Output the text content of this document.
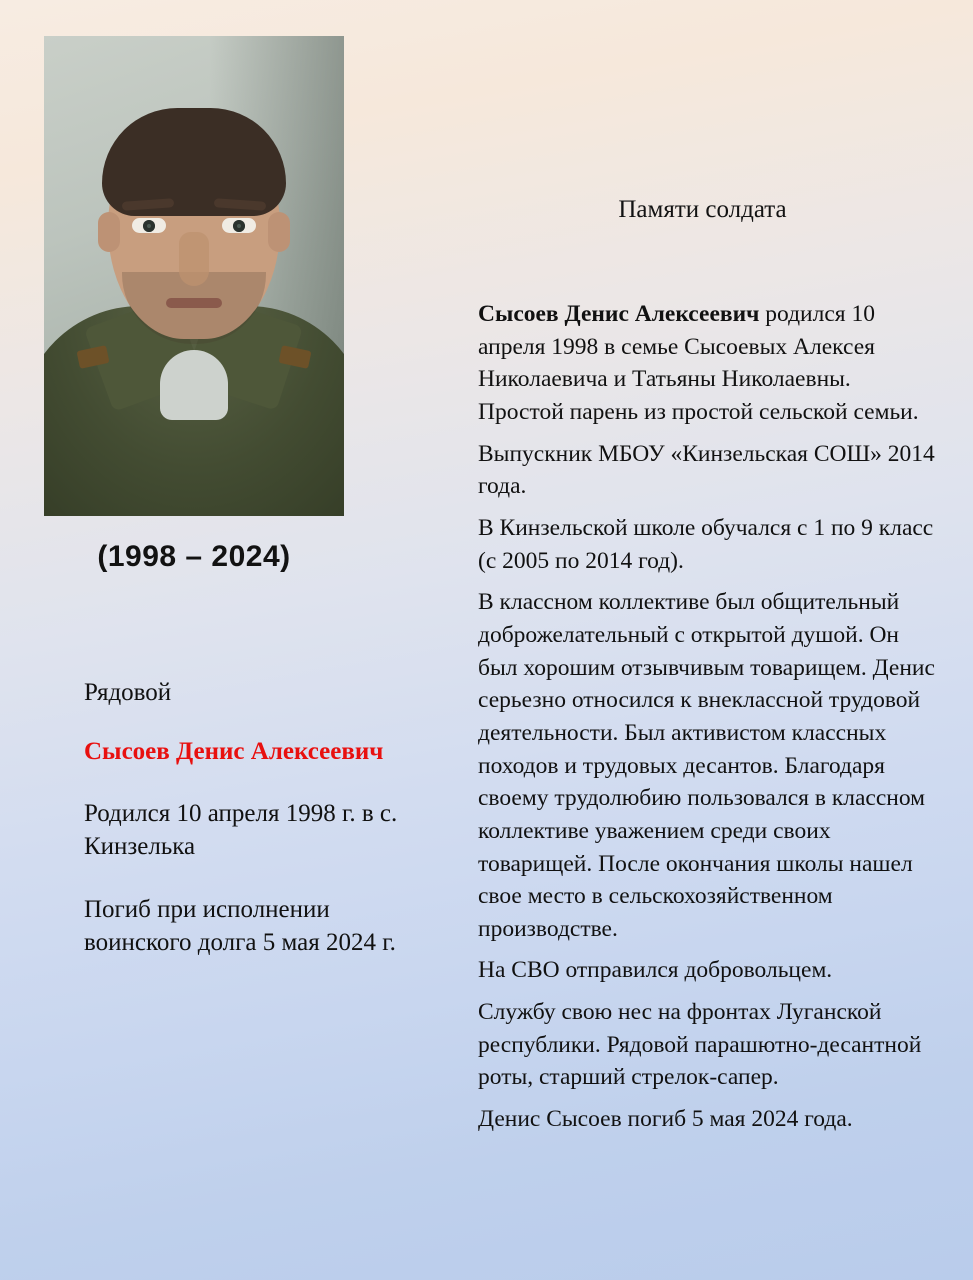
(1998 – 2024)

Рядовой

Сысоев Денис Алексеевич

Родился 10 апреля 1998 г. в с. Кинзелька

Погиб при исполнении воинского долга 5 мая 2024 г.

Памяти солдата

Сысоев Денис Алексеевич родился 10 апреля 1998 в семье Сысоевых Алексея Николаевича и Татьяны Николаевны. Простой парень из простой сельской семьи.

Выпускник МБОУ «Кинзельская СОШ» 2014 года.

В Кинзельской школе обучался с 1 по 9 класс (с 2005 по 2014 год).

В классном коллективе был общительный доброжелательный с открытой душой. Он был хорошим отзывчивым товарищем. Денис серьезно относился к внеклассной трудовой деятельности. Был активистом классных походов и трудовых десантов. Благодаря своему трудолюбию пользовался в классном коллективе уважением среди своих товарищей. После окончания школы нашел свое место в сельскохозяйственном производстве.

На СВО отправился добровольцем.

Службу свою нес на фронтах Луганской республики. Рядовой парашютно-десантной роты, старший стрелок-сапер.

Денис Сысоев погиб 5 мая 2024 года.
